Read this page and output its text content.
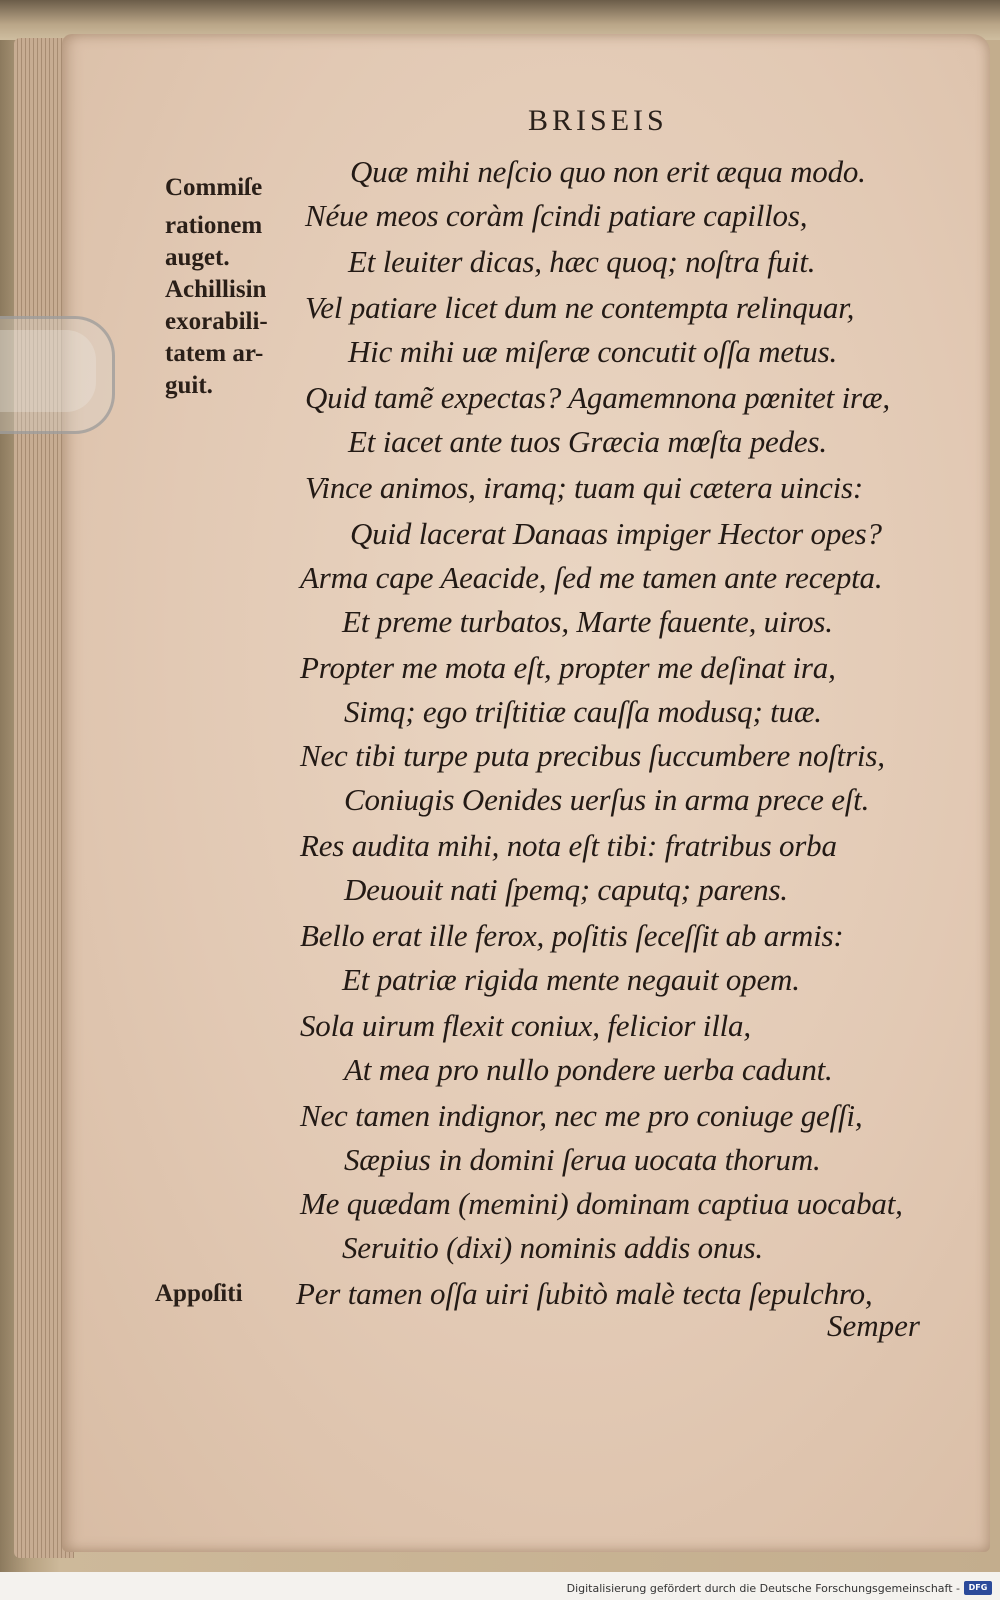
BRISEIS
Commiſe
rationem
auget.
Achillisin
exorabili-
tatem ar-
guit.
Quæ mihi neſcio quo non erit æqua modo.
Néue meos coràm ſcindi patiare capillos,
Et leuiter dicas, hæc quoq; noſtra fuit.
Vel patiare licet dum ne contempta relinquar,
Hic mihi uæ miſeræ concutit oſſa metus.
Quid tamẽ expectas? Agamemnona pœnitet iræ,
Et iacet ante tuos Græcia mœſta pedes.
Vince animos, iramq; tuam qui cætera uincis:
Quid lacerat Danaas impiger Hector opes?
Arma cape Aeacide, ſed me tamen ante recepta.
Et preme turbatos, Marte fauente, uiros.
Propter me mota eſt, propter me deſinat ira,
Simq; ego triſtitiæ cauſſa modusq; tuæ.
Nec tibi turpe puta precibus ſuccumbere noſtris,
Coniugis Oenides uerſus in arma prece eſt.
Res audita mihi, nota eſt tibi: fratribus orba
Deuouit nati ſpemq; caputq; parens.
Bello erat ille ferox, poſitis ſeceſſit ab armis:
Et patriæ rigida mente negauit opem.
Sola uirum flexit coniux, felicior illa,
At mea pro nullo pondere uerba cadunt.
Nec tamen indignor, nec me pro coniuge geſſi,
Sæpius in domini ſerua uocata thorum.
Me quædam (memini) dominam captiua uocabat,
Seruitio (dixi) nominis addis onus.
Per tamen oſſa uiri ſubitò malè tecta ſepulchro,
Appoſiti
Semper
Digitalisierung gefördert durch die Deutsche Forschungsgemeinschaft -	DFG
